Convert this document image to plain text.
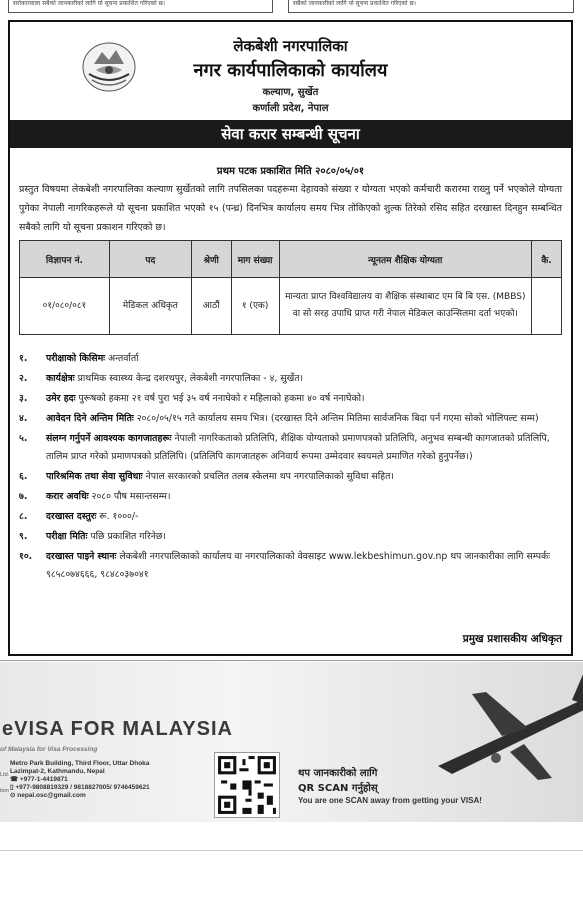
सरोकारवाला सबैको जानकारीको लागि यो सूचना प्रकाशित गरिएको छ।	सबैको जानकारीको लागि यो सूचना प्रकाशित गरिएको छ।
लेकबेशी नगरपालिका
नगर कार्यपालिकाको कार्यालय
कल्याण, सुर्खेत
कर्णाली प्रदेश, नेपाल
सेवा करार सम्बन्धी सूचना
प्रथम पटक प्रकाशित मिति २०८०/०५/०१
प्रस्तुत विषयमा लेकबेशी नगरपालिका कल्याण सुर्खेतको लागि तपसिलका पदहरूमा देहायको संख्या र योग्यता भएको कर्मचारी करारमा राख्नु पर्ने भएकोले योग्यता पुगेका नेपाली नागरिकहरूले यो सूचना प्रकाशित भएको १५ (पन्ध्र) दिनभित्र कार्यालय समय भित्र तोकिएको शुल्क तिरेको रसिद सहित दरखास्त दिनहुन सम्बन्धित सबैको लागि यो सूचना प्रकाशन गरिएको छ।
विज्ञापन नं.	पद	श्रेणी	माग संख्या	न्यूनतम शैक्षिक योग्यता	कै.
०१/०८०/०८१	मेडिकल अधिकृत	आठौं	१ (एक)	मान्यता प्राप्त विश्वविद्यालय वा शैक्षिक संस्थाबाट एम बि बि एस. (MBBS) वा सो सरह उपाधि प्राप्त गरी नेपाल मेडिकल काउन्सिलमा दर्ता भएको।	
१. परीक्षाको किसिमः अन्तर्वार्ता
२. कार्यक्षेत्रः प्राथमिक स्वास्थ्य केन्द्र दशरथपुर, लेकबेशी नगरपालिका - ४, सुर्खेत।
३. उमेर हदः पुरूषको हकमा २१ वर्ष पुरा भई ३५ वर्ष ननाघेको र महिलाको हकमा ४० वर्ष ननाघेको।
४. आवेदन दिने अन्तिम मितिः २०८०/०५/१५ गते कार्यालय समय भित्र। (दरखास्त दिने अन्तिम मितिमा सार्वजनिक बिदा पर्न गएमा सोको भोलिपल्ट सम्म)
५. संलग्न गर्नुपर्ने आवश्यक कागजातहरूः नेपाली नागरिकताको प्रतिलिपि, शैक्षिक योग्यताको प्रमाणपत्रको प्रतिलिपि, अनुभव सम्बन्धी कागजातको प्रतिलिपि, तालिम प्राप्त गरेको प्रमाणपत्रको प्रतिलिपि। (प्रतिलिपि कागजातहरू अनिवार्य रूपमा उम्मेदवार स्वयमले प्रमाणित गरेको हुनुपर्नेछ।)
६. पारिश्रमिक तथा सेवा सुविधाः नेपाल सरकारको प्रचलित तलब स्केलमा थप नगरपालिकाको सुविधा सहित।
७. करार अवधिः २०८० पौष मसान्तसम्म।
८. दरखास्त दस्तुरः रू. १०००/-
९. परीक्षा मितिः पछि प्रकाशित गरिनेछ।
१०. दरखास्त पाइने स्थानः लेकबेशी नगरपालिकाको कार्यालय वा नगरपालिकाको वेवसाइट www.lekbeshimun.gov.np थप जानकारीका लागि सम्पर्कः ९८५८०७४६६६, ९८४८०३७०४१
प्रमुख प्रशासकीय अधिकृत
eVISA FOR MALAYSIA
of Malaysia for Visa Processing
Ltd.
tion
Metro Park Building, Third Floor, Uttar Dhoka
Lazimpat-2, Kathmandu, Nepal
☎ +977-1-4419871
▯ +977-9808819329 / 9818827005/ 9746459621
⊙ nepal.osc@gmail.com
थप जानकारीको लागि
QR SCAN गर्नुहोस्
You are one SCAN away from getting your VISA!
